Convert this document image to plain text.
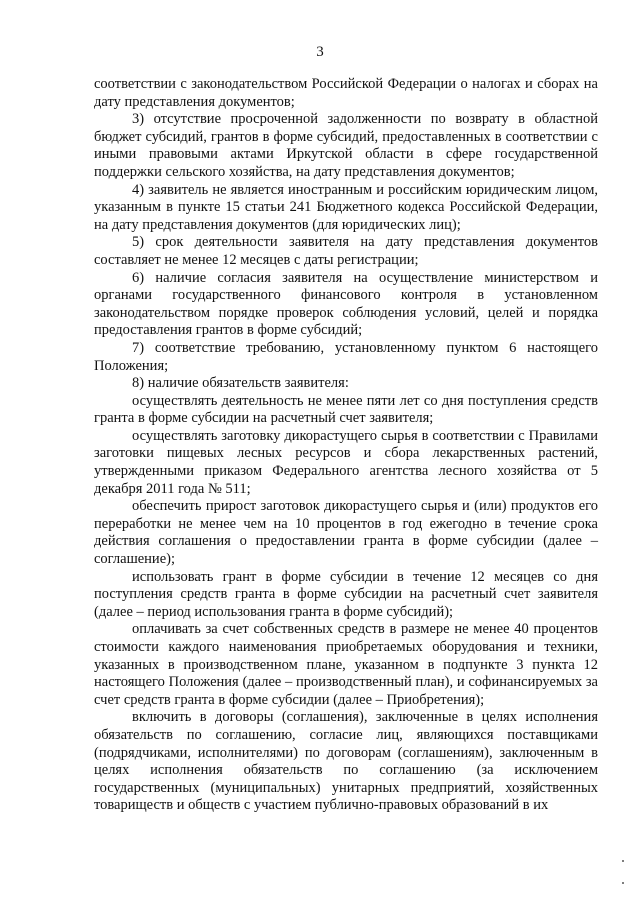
3

соответствии с законодательством Российской Федерации о налогах и сборах на дату представления документов;

3) отсутствие просроченной задолженности по возврату в областной бюджет субсидий, грантов в форме субсидий, предоставленных в соответствии с иными правовыми актами Иркутской области в сфере государственной поддержки сельского хозяйства, на дату представления документов;

4) заявитель не является иностранным и российским юридическим лицом, указанным в пункте 15 статьи 241 Бюджетного кодекса Российской Федерации, на дату представления документов (для юридических лиц);

5) срок деятельности заявителя на дату представления документов составляет не менее 12 месяцев с даты регистрации;

6) наличие согласия заявителя на осуществление министерством и органами государственного финансового контроля в установленном законодательством порядке проверок соблюдения условий, целей и порядка предоставления грантов в форме субсидий;

7) соответствие требованию, установленному пунктом 6 настоящего Положения;

8) наличие обязательств заявителя:

осуществлять деятельность не менее пяти лет со дня поступления средств гранта в форме субсидии на расчетный счет заявителя;

осуществлять заготовку дикорастущего сырья в соответствии с Правилами заготовки пищевых лесных ресурсов и сбора лекарственных растений, утвержденными приказом Федерального агентства лесного хозяйства от 5 декабря 2011 года № 511;

обеспечить прирост заготовок дикорастущего сырья и (или) продуктов его переработки не менее чем на 10 процентов в год ежегодно в течение срока действия соглашения о предоставлении гранта в форме субсидии (далее – соглашение);

использовать грант в форме субсидии в течение 12 месяцев со дня поступления средств гранта в форме субсидии на расчетный счет заявителя (далее – период использования гранта в форме субсидий);

оплачивать за счет собственных средств в размере не менее 40 процентов стоимости каждого наименования приобретаемых оборудования и техники, указанных в производственном плане, указанном в подпункте 3 пункта 12 настоящего Положения (далее – производственный план), и софинансируемых за счет средств гранта в форме субсидии (далее – Приобретения);

включить в договоры (соглашения), заключенные в целях исполнения обязательств по соглашению, согласие лиц, являющихся поставщиками (подрядчиками, исполнителями) по договорам (соглашениям), заключенным в целях исполнения обязательств по соглашению (за исключением государственных (муниципальных) унитарных предприятий, хозяйственных товариществ и обществ с участием публично-правовых образований в их
